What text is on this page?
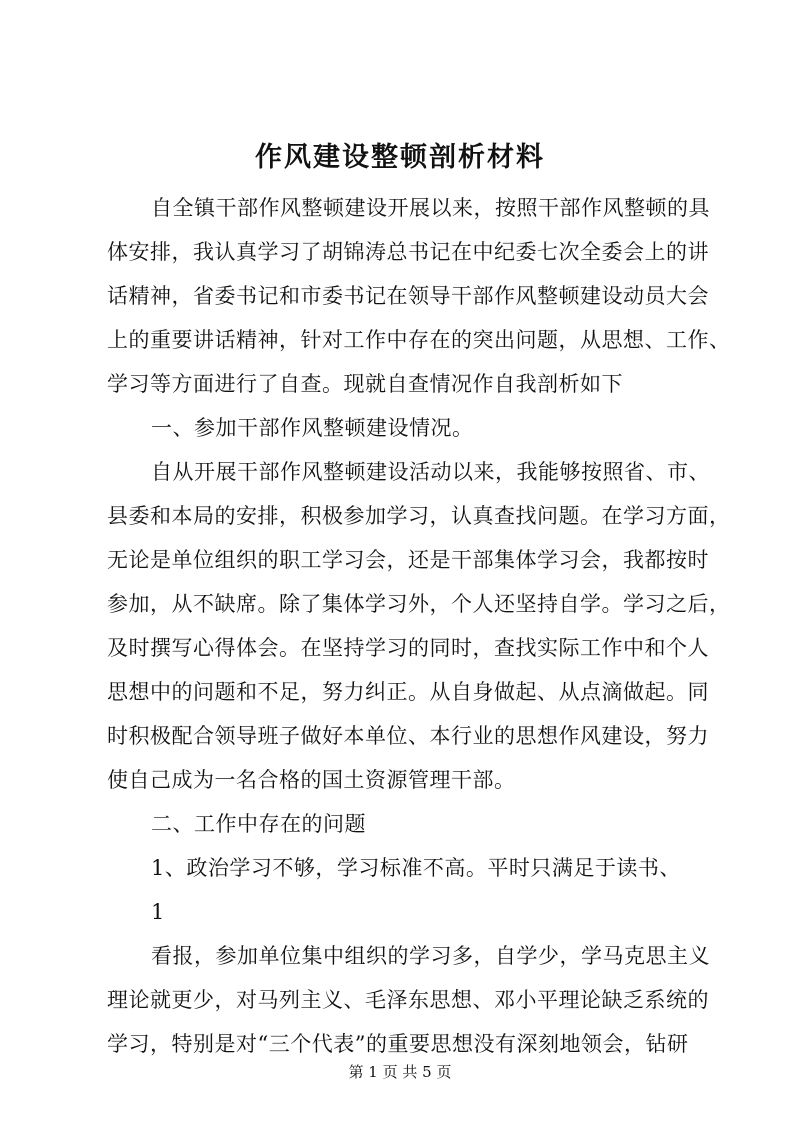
作风建设整顿剖析材料
自全镇干部作风整顿建设开展以来，按照干部作风整顿的具
体安排，我认真学习了胡锦涛总书记在中纪委七次全委会上的讲
话精神，省委书记和市委书记在领导干部作风整顿建设动员大会
上的重要讲话精神，针对工作中存在的突出问题，从思想、工作、
学习等方面进行了自查。现就自查情况作自我剖析如下
一、参加干部作风整顿建设情况。
自从开展干部作风整顿建设活动以来，我能够按照省、市、
县委和本局的安排，积极参加学习，认真查找问题。在学习方面，
无论是单位组织的职工学习会，还是干部集体学习会，我都按时
参加，从不缺席。除了集体学习外，个人还坚持自学。学习之后，
及时撰写心得体会。在坚持学习的同时，查找实际工作中和个人
思想中的问题和不足，努力纠正。从自身做起、从点滴做起。同
时积极配合领导班子做好本单位、本行业的思想作风建设，努力
使自己成为一名合格的国土资源管理干部。
二、工作中存在的问题
1、政治学习不够，学习标准不高。平时只满足于读书、
1
看报，参加单位集中组织的学习多，自学少，学马克思主义
理论就更少，对马列主义、毛泽东思想、邓小平理论缺乏系统的
学习，特别是对“三个代表”的重要思想没有深刻地领会，钻研
第 1 页 共 5 页
